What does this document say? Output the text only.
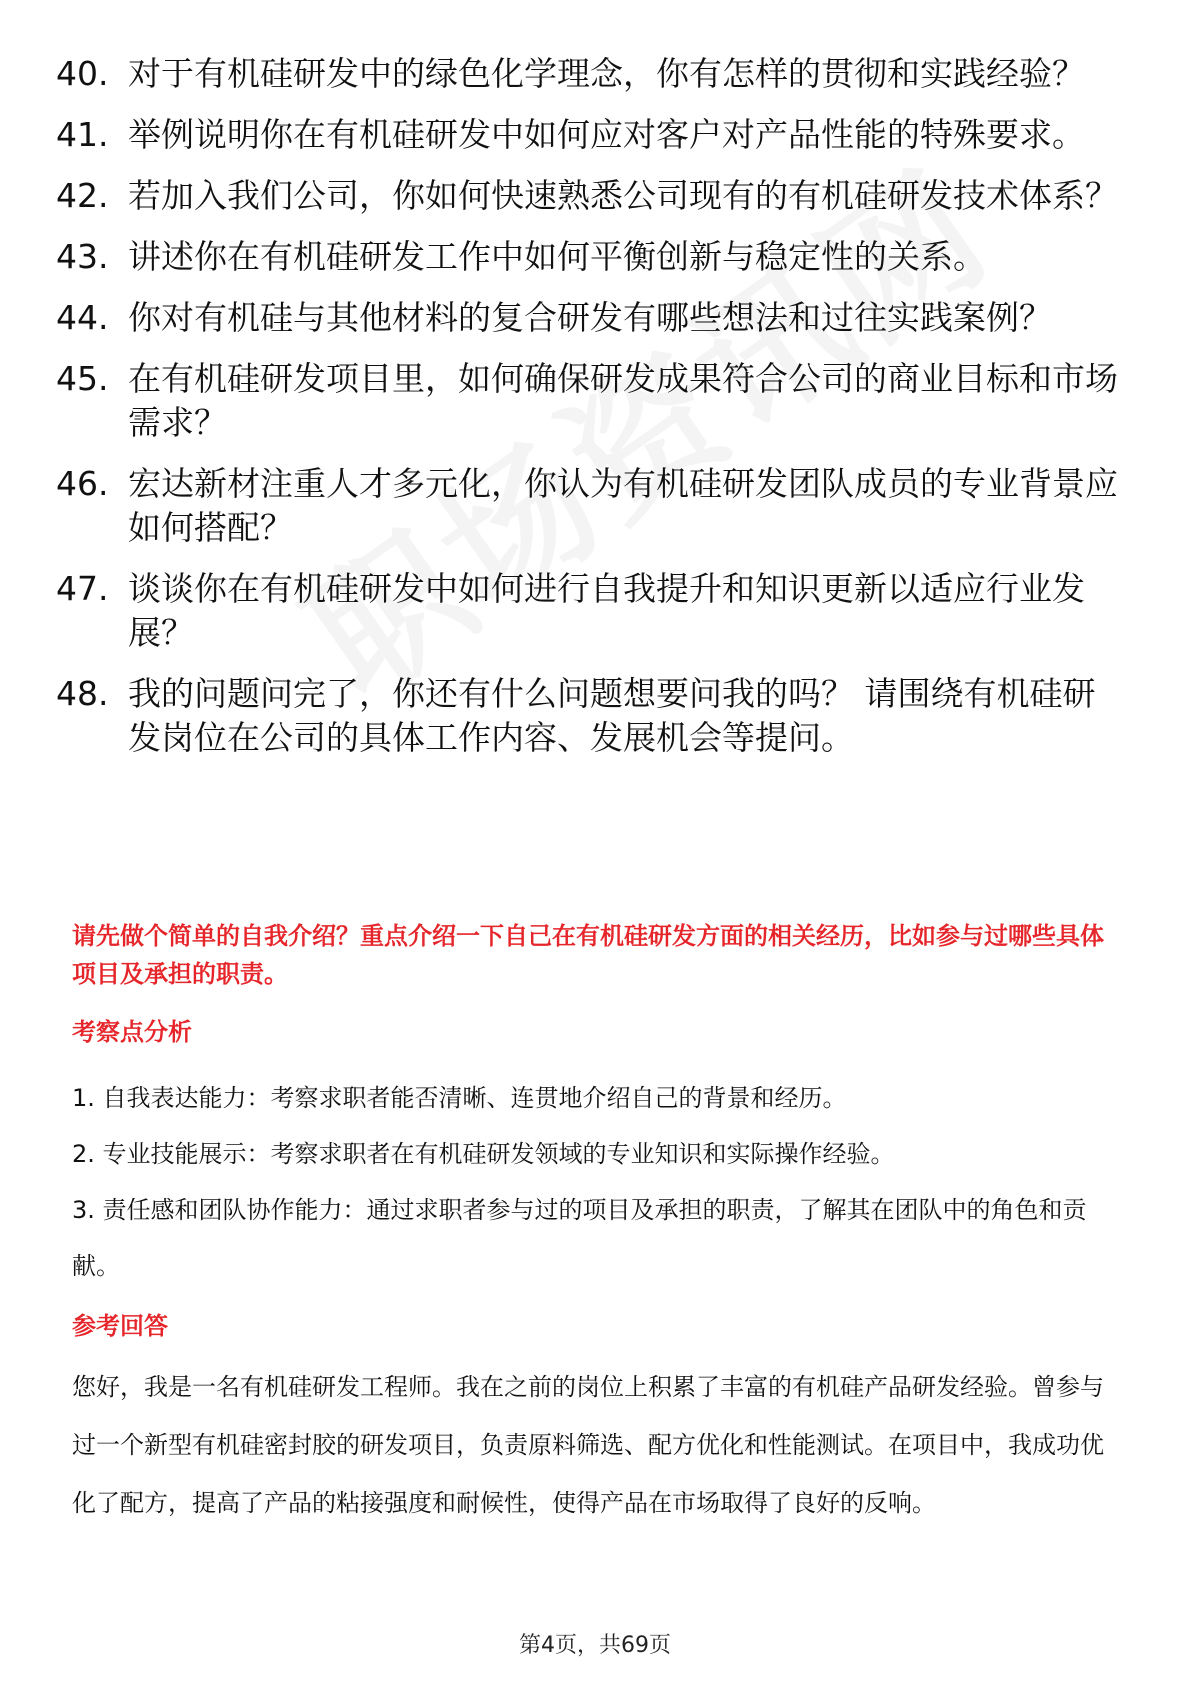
40. 对于有机硅研发中的绿色化学理念，你有怎样的贯彻和实践经验？
41. 举例说明你在有机硅研发中如何应对客户对产品性能的特殊要求。
42. 若加入我们公司，你如何快速熟悉公司现有的有机硅研发技术体系？
43. 讲述你在有机硅研发工作中如何平衡创新与稳定性的关系。
44. 你对有机硅与其他材料的复合研发有哪些想法和过往实践案例？
45. 在有机硅研发项目里，如何确保研发成果符合公司的商业目标和市场需求？
46. 宏达新材注重人才多元化，你认为有机硅研发团队成员的专业背景应如何搭配？
47. 谈谈你在有机硅研发中如何进行自我提升和知识更新以适应行业发展？
48. 我的问题问完了，你还有什么问题想要问我的吗？ 请围绕有机硅研发岗位在公司的具体工作内容、发展机会等提问。
请先做个简单的自我介绍？重点介绍一下自己在有机硅研发方面的相关经历，比如参与过哪些具体项目及承担的职责。
考察点分析
1. 自我表达能力：考察求职者能否清晰、连贯地介绍自己的背景和经历。
2. 专业技能展示：考察求职者在有机硅研发领域的专业知识和实际操作经验。
3. 责任感和团队协作能力：通过求职者参与过的项目及承担的职责，了解其在团队中的角色和贡献。
参考回答
您好，我是一名有机硅研发工程师。我在之前的岗位上积累了丰富的有机硅产品研发经验。曾参与过一个新型有机硅密封胶的研发项目，负责原料筛选、配方优化和性能测试。在项目中，我成功优化了配方，提高了产品的粘接强度和耐候性，使得产品在市场取得了良好的反响。
第4页，共69页
